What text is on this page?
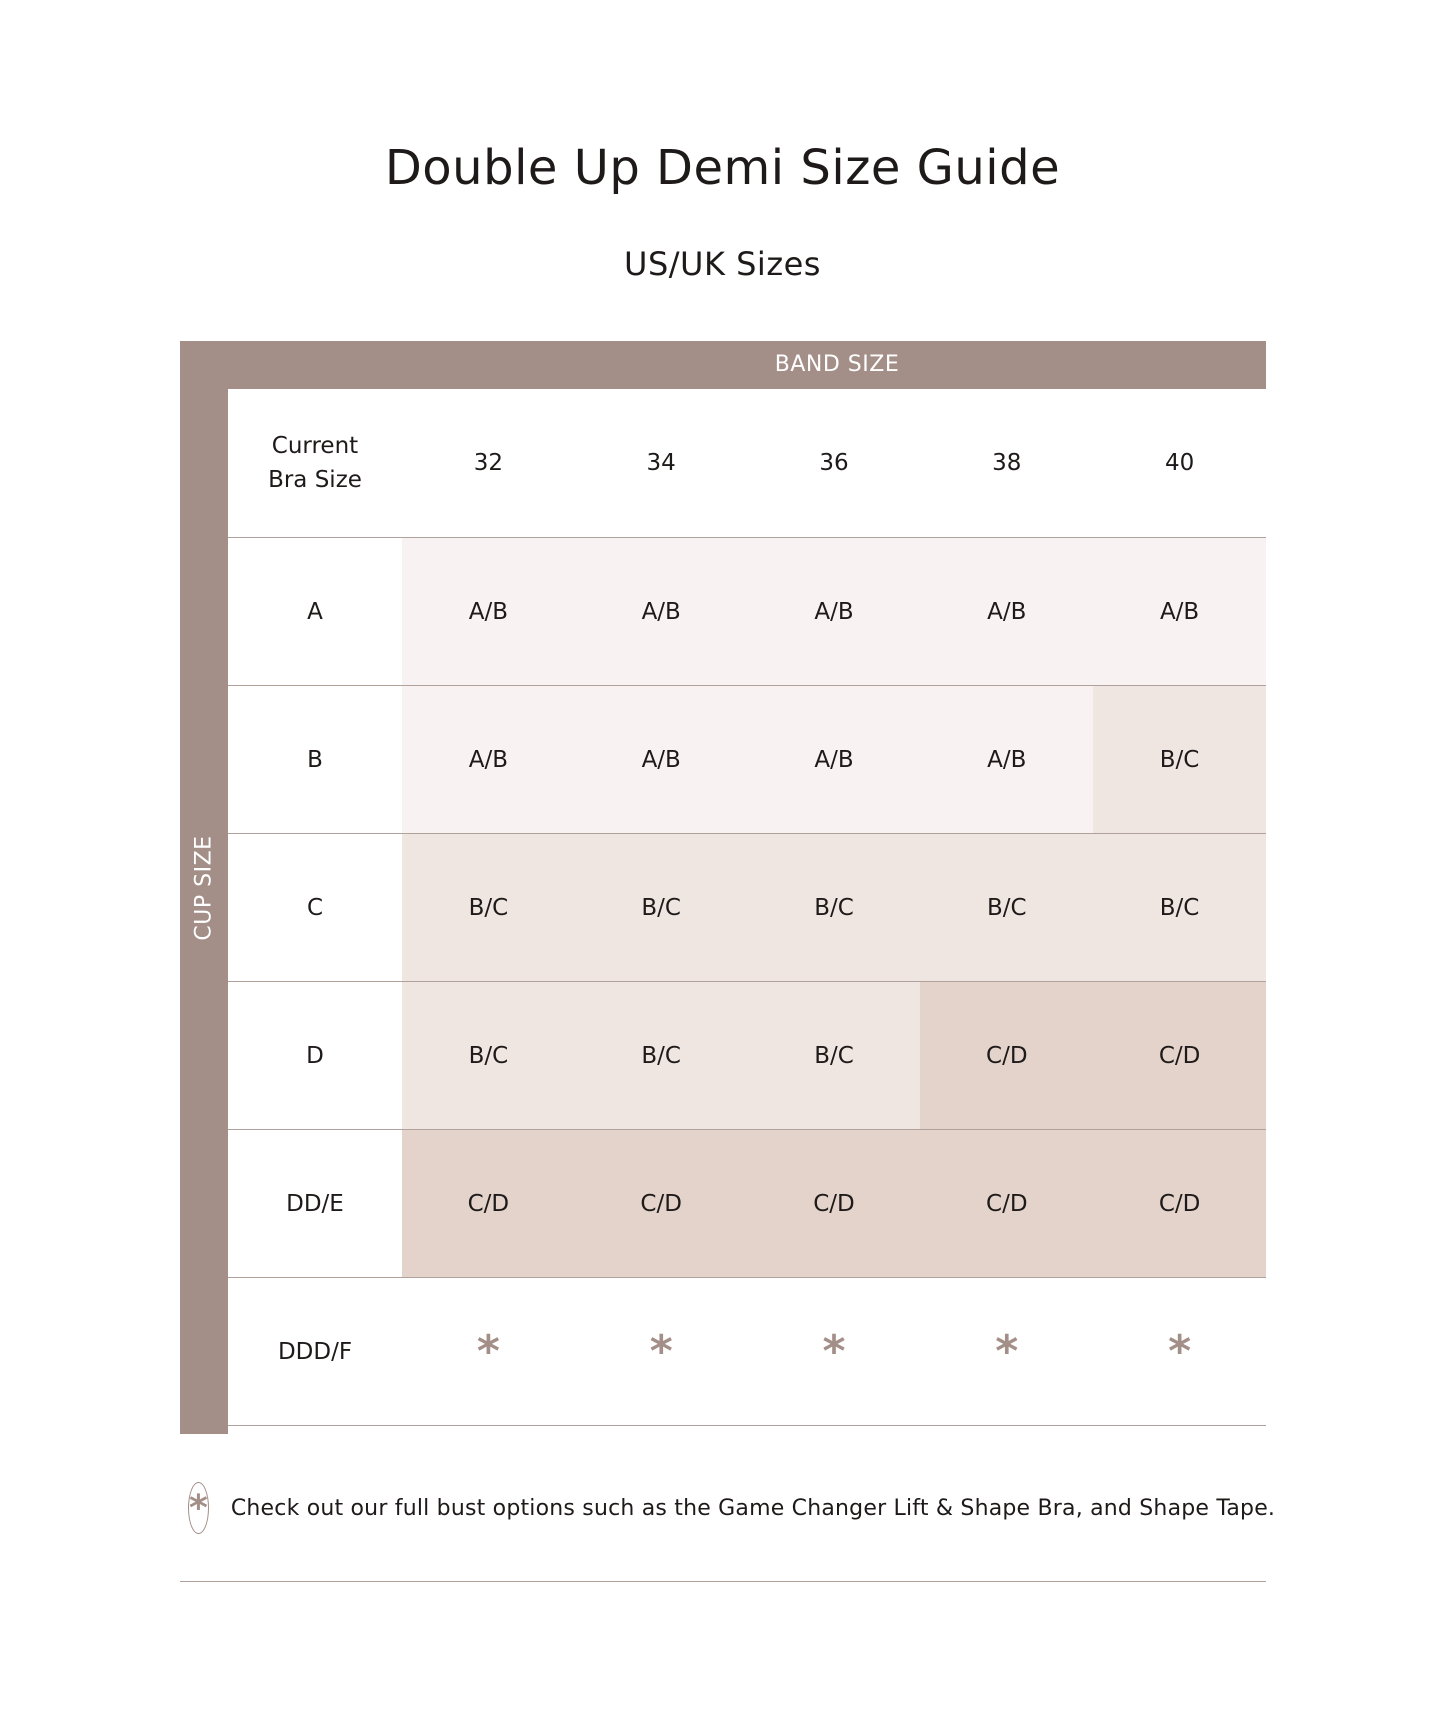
Double Up Demi Size Guide
US/UK Sizes
BAND SIZE
CUP SIZE
Current
Bra Size
32	34	36	38	40
A	A/B	A/B	A/B	A/B	A/B
B	A/B	A/B	A/B	A/B	B/C
C	B/C	B/C	B/C	B/C	B/C
D	B/C	B/C	B/C	C/D	C/D
DD/E	C/D	C/D	C/D	C/D	C/D
DDD/F	*	*	*	*	*
* Check out our full bust options such as the Game Changer Lift & Shape Bra, and Shape Tape.
